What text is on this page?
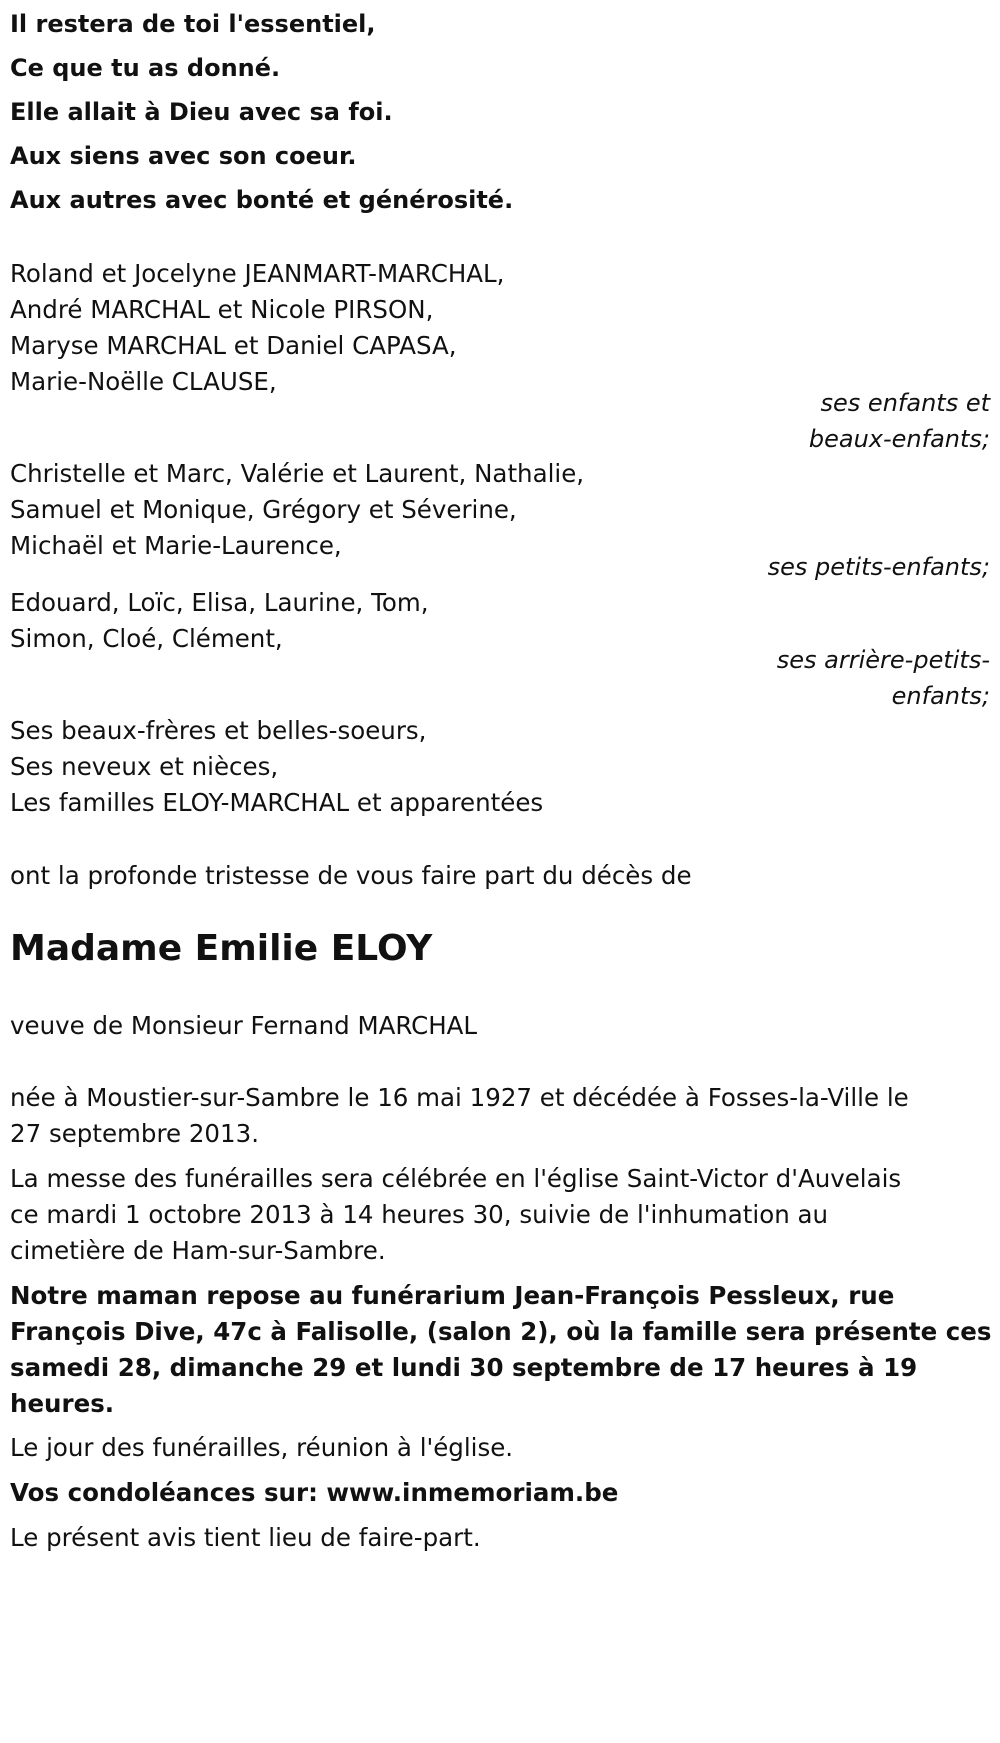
Il restera de toi l'essentiel,
Ce que tu as donné.
Elle allait à Dieu avec sa foi.
Aux siens avec son coeur.
Aux autres avec bonté et générosité.
Roland et Jocelyne JEANMART-MARCHAL,
André MARCHAL et Nicole PIRSON,
Maryse MARCHAL et Daniel CAPASA,
Marie-Noëlle CLAUSE,
ses enfants et
beaux-enfants;
Christelle et Marc, Valérie et Laurent, Nathalie,
Samuel et Monique, Grégory et Séverine,
Michaël et Marie-Laurence,
ses petits-enfants;
Edouard, Loïc, Elisa, Laurine, Tom,
Simon, Cloé, Clément,
ses arrière-petits-
enfants;
Ses beaux-frères et belles-soeurs,
Ses neveux et nièces,
Les familles ELOY-MARCHAL et apparentées
ont la profonde tristesse de vous faire part du décès de
Madame Emilie ELOY
veuve de Monsieur Fernand MARCHAL
née à Moustier-sur-Sambre le 16 mai 1927 et décédée à Fosses-la-Ville le
27 septembre 2013.
La messe des funérailles sera célébrée en l'église Saint-Victor d'Auvelais
ce mardi 1 octobre 2013 à 14 heures 30, suivie de l'inhumation au
cimetière de Ham-sur-Sambre.
Notre maman repose au funérarium Jean-François Pessleux, rue
François Dive, 47c à Falisolle, (salon 2), où la famille sera présente ces
samedi 28, dimanche 29 et lundi 30 septembre de 17 heures à 19
heures.
Le jour des funérailles, réunion à l'église.
Vos condoléances sur: www.inmemoriam.be
Le présent avis tient lieu de faire-part.
